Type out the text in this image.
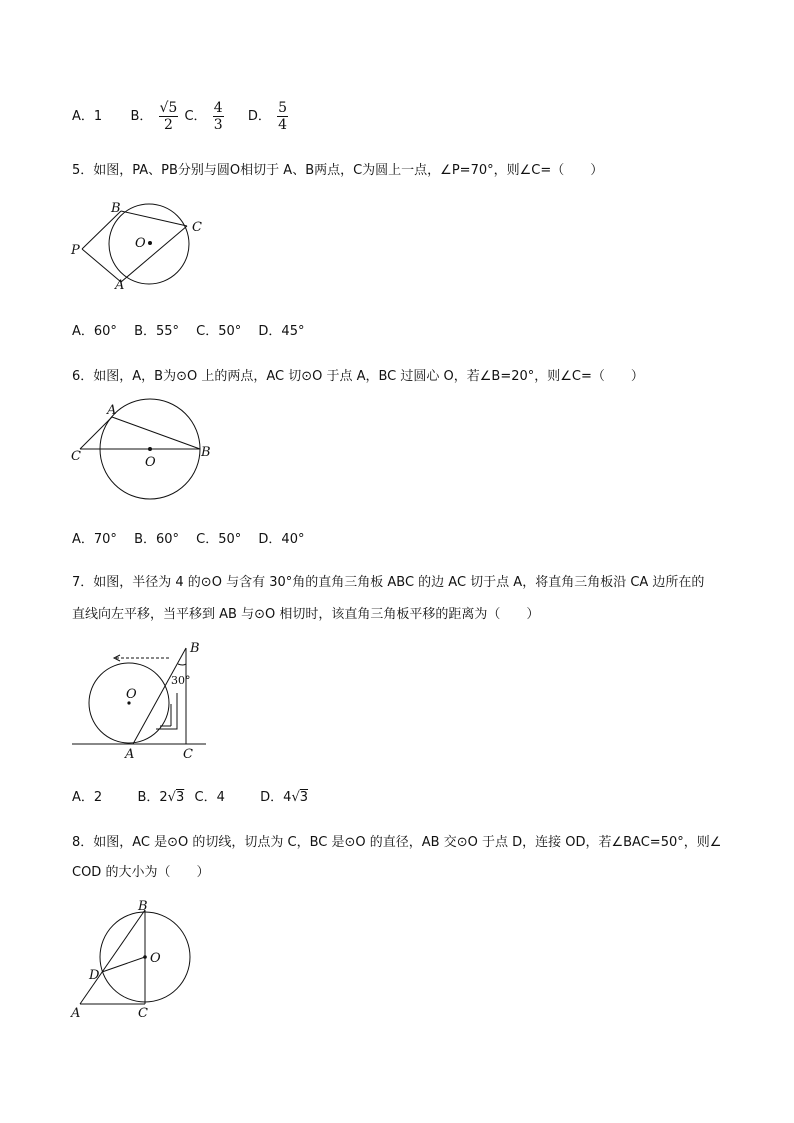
A．1 B． $\frac{√5}{2}$ C． $\frac{4}{3}$ D． $\frac{5}{4}$
5．如图，PA、PB分别与圆O相切于 A、B两点，C为圆上一点，∠P=70°，则∠C=（　　）
B
C
O
P
A
A．60°　 B．55°　 C．50°　 D．45°
6．如图，A，B为⊙O 上的两点，AC 切⊙O 于点 A，BC 过圆心 O，若∠B=20°，则∠C=（　　）
A
C	O
B
A．70°　 B．60°　 C．50°　 D．40°
7．如图，半径为 4 的⊙O 与含有 30°角的直角三角板 ABC 的边 AC 切于点 A，将直角三角板沿 CA 边所在的
直线向左平移，当平移到 AB 与⊙O 相切时，该直角三角板平移的距离为（　　）
B
30°
O
A	C
A．2　  B．2√3 C．4　  D．4√3
8．如图，AC 是⊙O 的切线，切点为 C，BC 是⊙O 的直径，AB 交⊙O 于点 D，连接 OD，若∠BAC=50°，则∠
COD 的大小为（　　）
B
O
D
A	C
